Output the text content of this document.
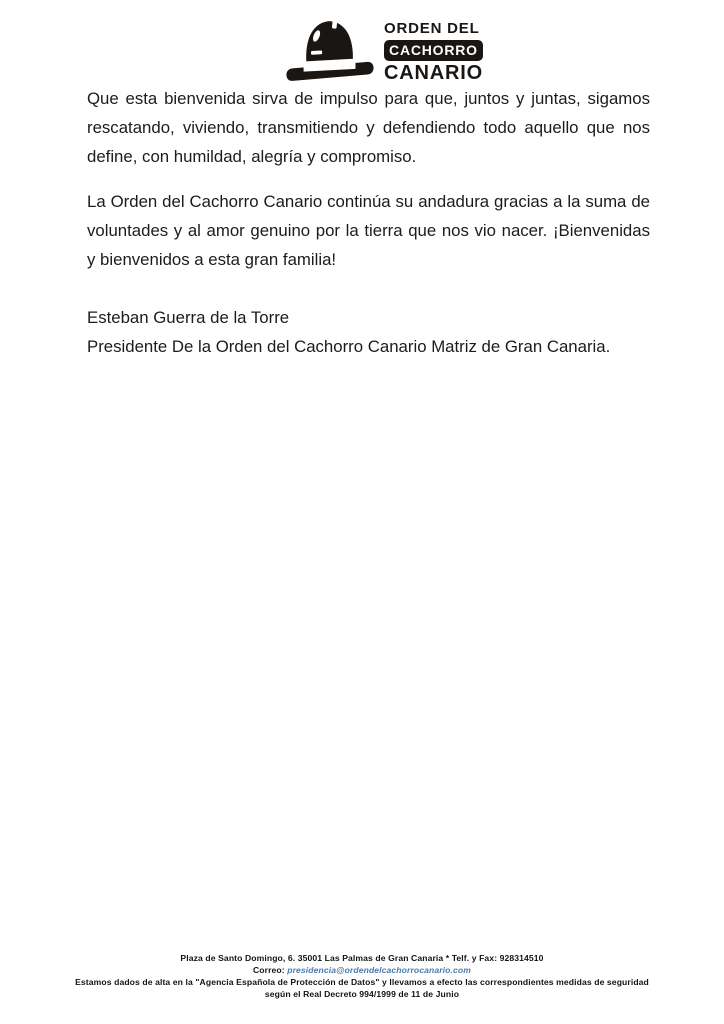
ORDEN DEL
CACHORRO
CANARIO

Que esta bienvenida sirva de impulso para que, juntos y juntas, sigamos rescatando, viviendo, transmitiendo y defendiendo todo aquello que nos define, con humildad, alegría y compromiso.

La Orden del Cachorro Canario continúa su andadura gracias a la suma de voluntades y al amor genuino por la tierra que nos vio nacer. ¡Bienvenidas y bienvenidos a esta gran familia!

Esteban Guerra de la Torre

Presidente De la Orden del Cachorro Canario Matriz de Gran Canaria.

Plaza de Santo Domingo, 6. 35001 Las Palmas de Gran Canaria * Telf. y Fax: 928314510
Correo: presidencia@ordendelcachorrocanario.com
Estamos dados de alta en la "Agencia Española de Protección de Datos" y llevamos a efecto las correspondientes medidas de seguridad
según el Real Decreto 994/1999 de 11 de Junio
